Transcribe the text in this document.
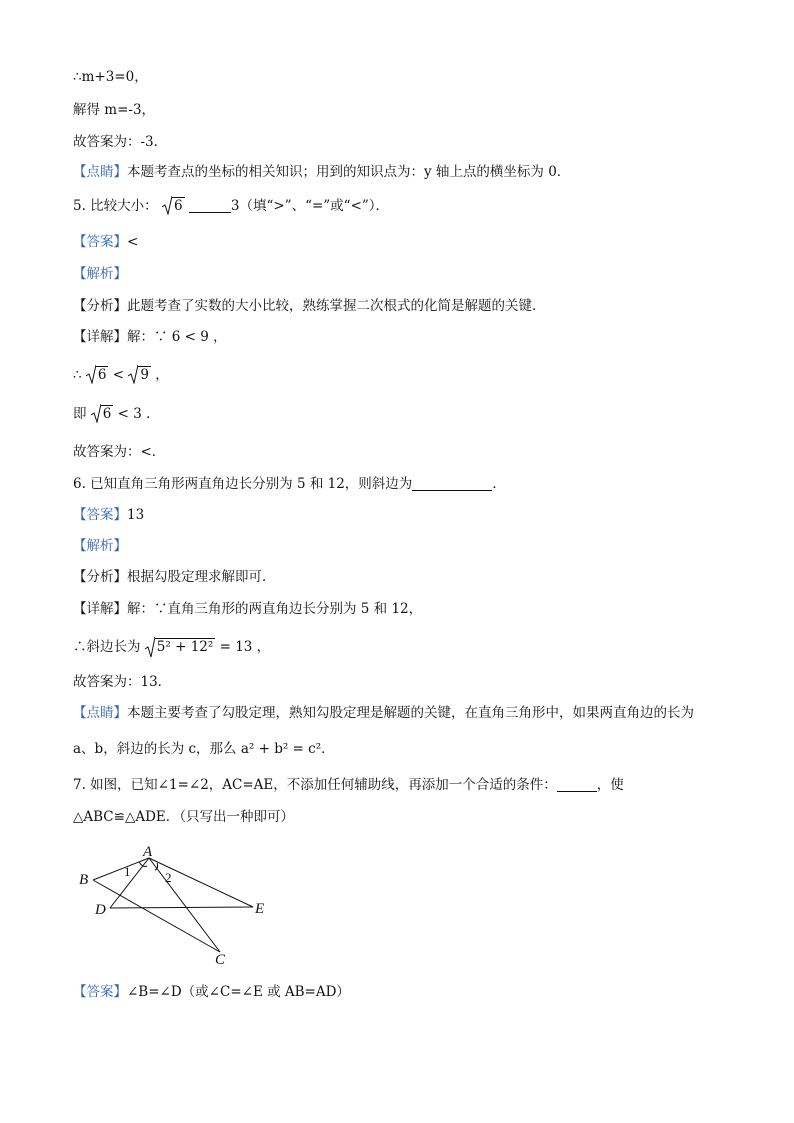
∴m+3=0，
解得 m=-3，
故答案为：-3．
【点睛】本题考查点的坐标的相关知识；用到的知识点为：y 轴上点的横坐标为 0．
5. 比较大小： 6	3（填“>”、“=”或“<”）．
【答案】<
【解析】
【分析】此题考查了实数的大小比较，熟练掌握二次根式的化简是解题的关键．
【详解】解：∵ 6 < 9 ，
∴
6 <
9 ，
即
6 < 3 ．
故答案为：<．
6. 已知直角三角形两直角边长分别为 5 和 12，则斜边为	．
【答案】13
【解析】
【分析】根据勾股定理求解即可．
【详解】解：∵直角三角形的两直角边长分别为 5 和 12，
∴斜边长为
5² + 12² = 13 ，
故答案为：13．
【点睛】本题主要考查了勾股定理，熟知勾股定理是解题的关键，在直角三角形中，如果两直角边的长为
a、b，斜边的长为 c，那么 a² + b² = c²．
7. 如图，已知∠1=∠2，AC=AE，不添加任何辅助线，再添加一个合适的条件：	，使
△ABC≌△ADE．（只写出一种即可）
A
B
C
D	E
1	2
【答案】∠B=∠D（或∠C=∠E 或 AB=AD）
